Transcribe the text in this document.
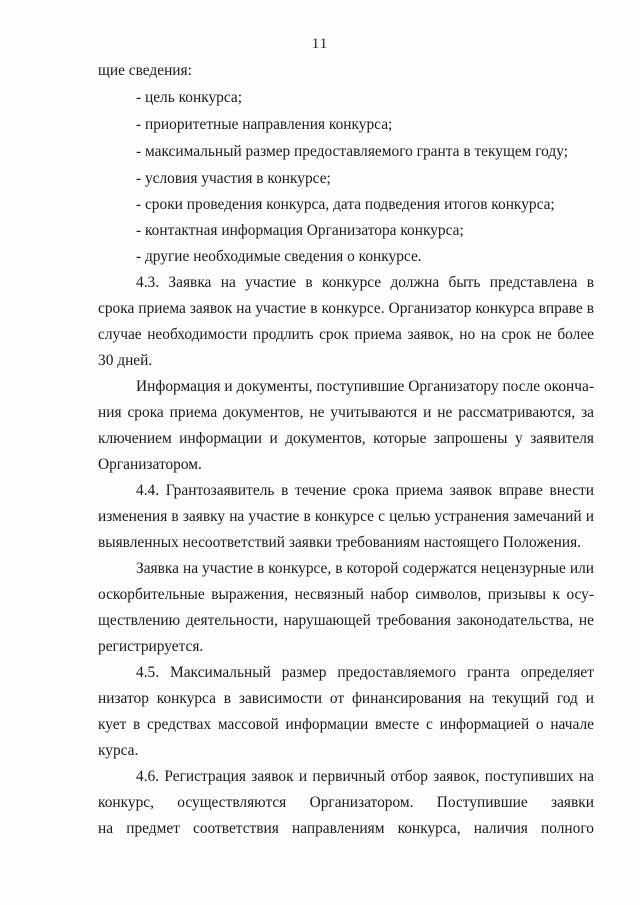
11
щие сведения:
- цель конкурса;
- приоритетные направления конкурса;
- максимальный размер предоставляемого гранта в текущем году;
- условия участия в конкурсе;
- сроки проведения конкурса, дата подведения итогов конкурса;
- контактная информация Организатора конкурса;
- другие необходимые сведения о конкурсе.
4.3. Заявка на участие в конкурсе должна быть представлена в
срока приема заявок на участие в конкурсе. Организатор конкурса вправе в
случае необходимости продлить срок приема заявок, но на срок не более
30 дней.
Информация и документы, поступившие Организатору после оконча-
ния срока приема документов, не учитываются и не рассматриваются, за
ключением информации и документов, которые запрошены у заявителя
Организатором.
4.4. Грантозаявитель в течение срока приема заявок вправе внести
изменения в заявку на участие в конкурсе с целью устранения замечаний и
выявленных несоответствий заявки требованиям настоящего Положения.
Заявка на участие в конкурсе, в которой содержатся нецензурные или
оскорбительные выражения, несвязный набор символов, призывы к осу-
ществлению деятельности, нарушающей требования законодательства, не
регистрируется.
4.5. Максимальный размер предоставляемого гранта определяет
низатор конкурса в зависимости от финансирования на текущий год и
кует в средствах массовой информации вместе с информацией о начале
курса.
4.6. Регистрация заявок и первичный отбор заявок, поступивших на
конкурс, осуществляются Организатором. Поступившие заявки
на предмет соответствия направлениям конкурса, наличия полного
